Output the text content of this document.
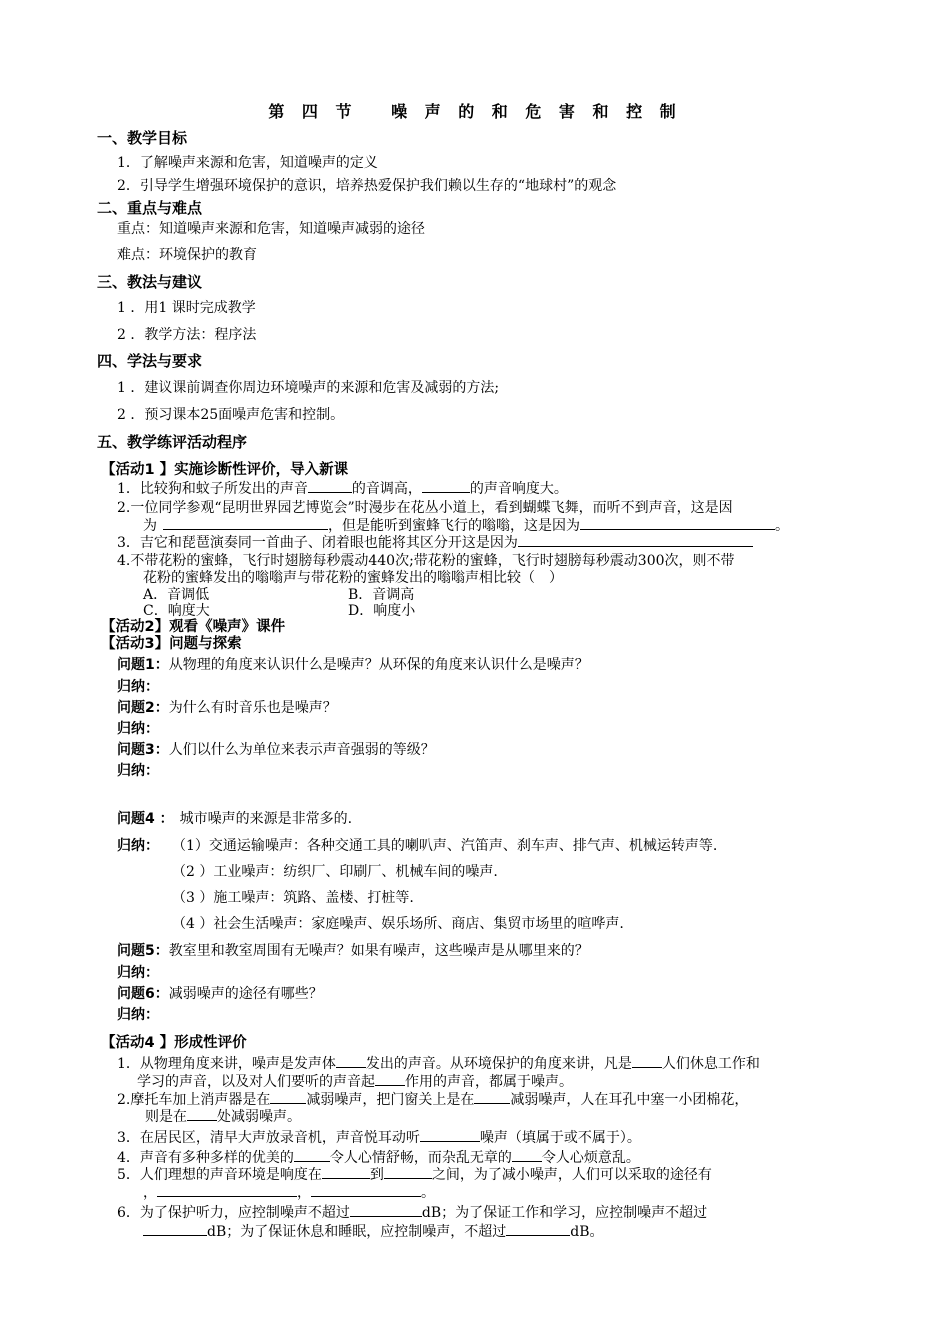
第 四 节　 噪 声 的 和 危 害 和 控 制
一、教学目标
1．了解噪声来源和危害，知道噪声的定义
2．引导学生增强环境保护的意识，培养热爱保护我们赖以生存的“地球村”的观念
二、重点与难点
重点：知道噪声来源和危害，知道噪声减弱的途径
难点：环境保护的教育
三、教法与建议
1 ．用1 课时完成教学
2 ．教学方法：程序法
四、学法与要求
1 ．建议课前调查你周边环境噪声的来源和危害及减弱的方法;
2 ．预习课本25面噪声危害和控制。
五、教学练评活动程序
【活动1 】实施诊断性评价，导入新课
1．比较狗和蚊子所发出的声音	的音调高，	的声音响度大。
2.一位同学参观“昆明世界园艺博览会”时漫步在花丛小道上，看到蝴蝶飞舞，而听不到声音，这是因
为	，但是能听到蜜蜂飞行的嗡嗡，这是因为	。
3．吉它和琵琶演奏同一首曲子、闭着眼也能将其区分开这是因为
4.不带花粉的蜜蜂，飞行时翅膀每秒震动440次;带花粉的蜜蜂，飞行时翅膀每秒震动300次，则不带
花粉的蜜蜂发出的嗡嗡声与带花粉的蜜蜂发出的嗡嗡声相比较（　）
A．音调低	B．音调高
C．响度大	D．响度小
【活动2】观看《噪声》课件
【活动3】问题与探索
问题1：从物理的角度来认识什么是噪声？从环保的角度来认识什么是噪声？
归纳：
问题2：为什么有时音乐也是噪声？
归纳：
问题3：人们以什么为单位来表示声音强弱的等级？
归纳：
问题4 ： 城市噪声的来源是非常多的.
归纳： （1）交通运输噪声：各种交通工具的喇叭声、汽笛声、刹车声、排气声、机械运转声等.
（2 ）工业噪声：纺织厂、印刷厂、机械车间的噪声.
（3 ）施工噪声：筑路、盖楼、打桩等.
（4 ）社会生活噪声：家庭噪声、娱乐场所、商店、集贸市场里的喧哗声.
问题5：教室里和教室周围有无噪声？如果有噪声，这些噪声是从哪里来的？
归纳：
问题6：减弱噪声的途径有哪些？
归纳：
【活动4 】形成性评价
1．从物理角度来讲，噪声是发声体 发出的声音。从环境保护的角度来讲，凡是 人们休息工作和
学习的声音，以及对人们要听的声音起 作用的声音，都属于噪声。
2.摩托车加上消声器是在	减弱噪声，把门窗关上是在	减弱噪声，人在耳孔中塞一小团棉花，
则是在 处减弱噪声。
3．在居民区，清早大声放录音机，声音悦耳动听	噪声（填属于或不属于）。
4．声音有多种多样的优美的	令人心情舒畅，而杂乱无章的 令人心烦意乱。
5．人们理想的声音环境是响度在	到	之间，为了减小噪声，人们可以采取的途径有
，	，	。
6．为了保护听力，应控制噪声不超过	dB；为了保证工作和学习，应控制噪声不超过
dB；为了保证休息和睡眠，应控制噪声，不超过	dB。
